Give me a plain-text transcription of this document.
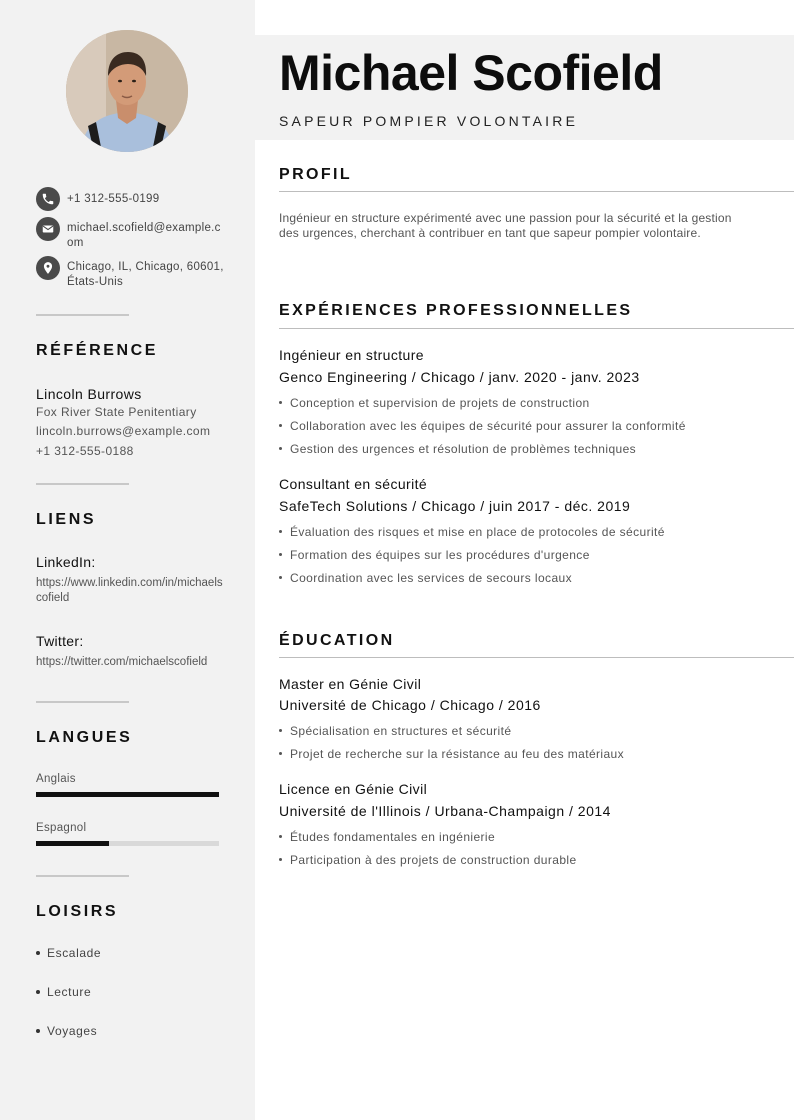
+1 312-555-0199
michael.scofield@example.com
Chicago, IL, Chicago, 60601, États-Unis
RÉFÉRENCE
Lincoln Burrows
Fox River State Penitentiary
lincoln.burrows@example.com
+1 312-555-0188
LIENS
LinkedIn:
https://www.linkedin.com/in/michaelscofield
Twitter:
https://twitter.com/michaelscofield
LANGUES
Anglais
Espagnol
LOISIRS
Escalade
Lecture
Voyages
Michael Scofield
SAPEUR POMPIER VOLONTAIRE
PROFIL
Ingénieur en structure expérimenté avec une passion pour la sécurité et la gestion des urgences, cherchant à contribuer en tant que sapeur pompier volontaire.
EXPÉRIENCES PROFESSIONNELLES
Ingénieur en structure
Genco Engineering / Chicago / janv. 2020 - janv. 2023
Conception et supervision de projets de construction
Collaboration avec les équipes de sécurité pour assurer la conformité
Gestion des urgences et résolution de problèmes techniques
Consultant en sécurité
SafeTech Solutions / Chicago / juin 2017 - déc. 2019
Évaluation des risques et mise en place de protocoles de sécurité
Formation des équipes sur les procédures d'urgence
Coordination avec les services de secours locaux
ÉDUCATION
Master en Génie Civil
Université de Chicago / Chicago / 2016
Spécialisation en structures et sécurité
Projet de recherche sur la résistance au feu des matériaux
Licence en Génie Civil
Université de l'Illinois / Urbana-Champaign / 2014
Études fondamentales en ingénierie
Participation à des projets de construction durable
